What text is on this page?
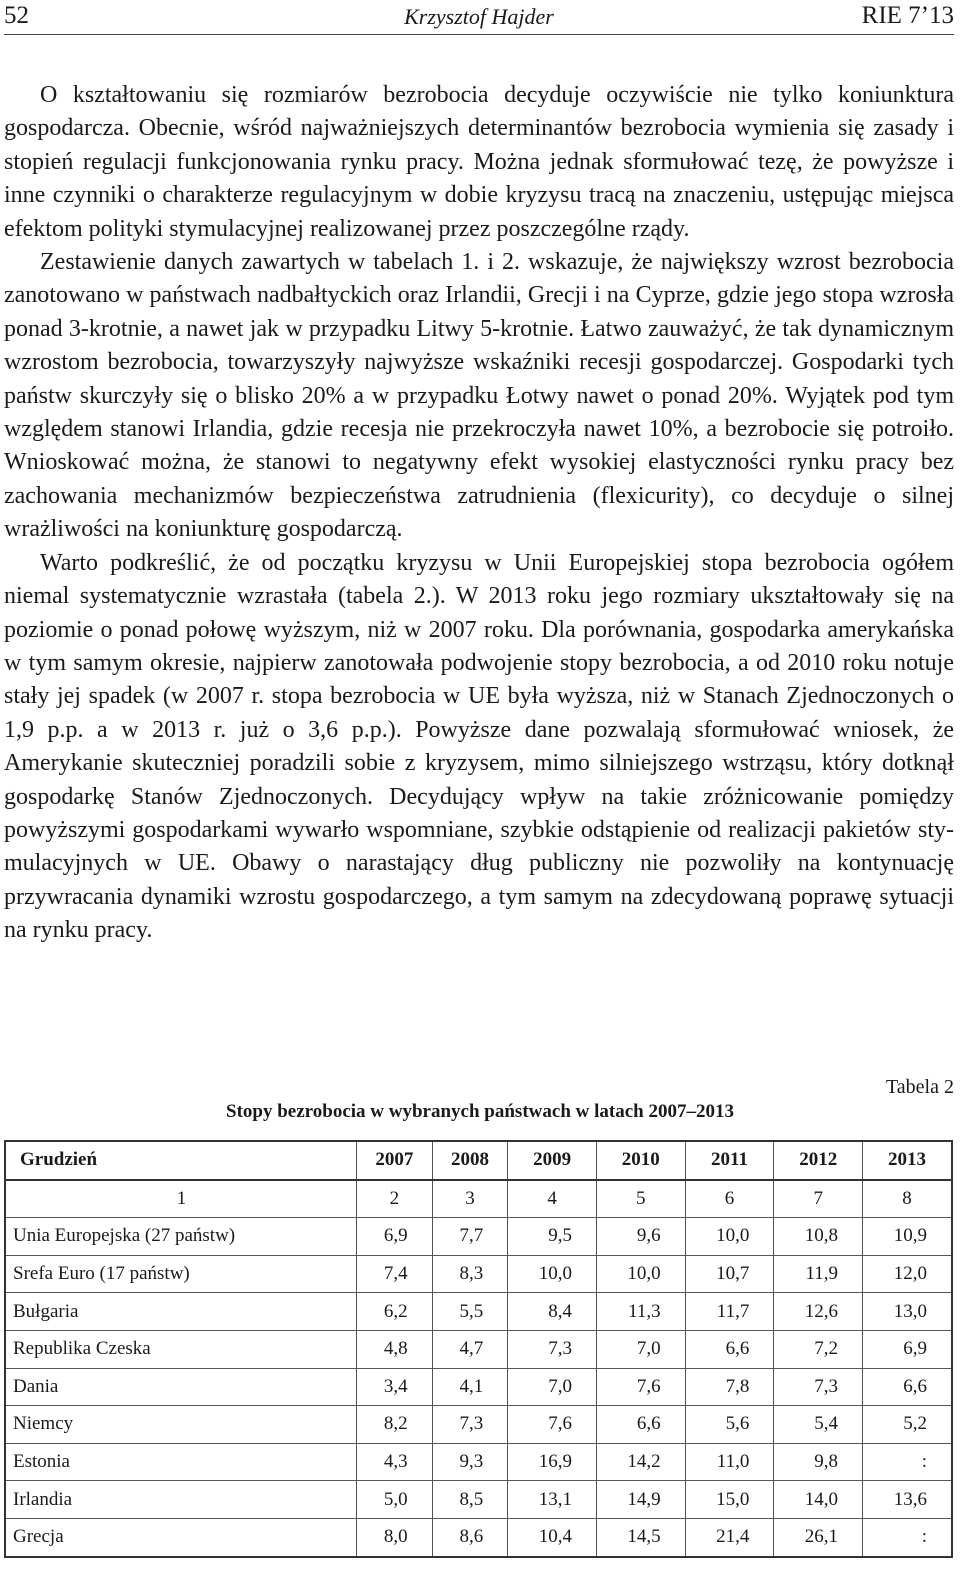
52	Krzysztof Hajder	RIE 7’13

O kształtowaniu się rozmiarów bezrobocia decyduje oczywiście nie tylko koniunktura gospodarcza. Obecnie, wśród najważniejszych determinantów bezrobocia wymienia się zasady i stopień regulacji funkcjonowania rynku pracy. Można jednak sformułować tezę, że powyższe i inne czynniki o charakterze regulacyjnym w dobie kryzysu tracą na znaczeniu, ustępując miejsca efektom polityki stymulacyjnej realizowanej przez poszczególne rządy.

Zestawienie danych zawartych w tabelach 1. i 2. wskazuje, że największy wzrost bezrobocia zanotowano w państwach nadbałtyckich oraz Irlandii, Grecji i na Cyprze, gdzie jego stopa wzrosła ponad 3-krotnie, a nawet jak w przypadku Litwy 5-krotnie. Łatwo zauważyć, że tak dynamicznym wzrostom bezrobocia, towarzyszyły najwyższe wskaźniki recesji gospodarczej. Gospodarki tych państw skurczyły się o blisko 20% a w przypadku Łotwy nawet o ponad 20%. Wyjątek pod tym względem stanowi Irlandia, gdzie recesja nie przekroczyła nawet 10%, a bezrobocie się potroiło. Wnioskować można, że stanowi to negatywny efekt wysokiej elastyczności rynku pracy bez zachowania mechanizmów bezpieczeństwa zatrudnienia (flexicurity), co decyduje o silnej wrażliwości na koniunkturę gospodarczą.

Warto podkreślić, że od początku kryzysu w Unii Europejskiej stopa bezrobocia ogółem niemal systematycznie wzrastała (tabela 2.). W 2013 roku jego rozmiary ukształtowały się na poziomie o ponad połowę wyższym, niż w 2007 roku. Dla porównania, gospodarka amerykańska w tym samym okresie, najpierw zanotowała podwojenie stopy bezrobocia, a od 2010 roku notuje stały jej spadek (w 2007 r. stopa bezrobocia w UE była wyższa, niż w Stanach Zjednoczonych o 1,9 p.p. a w 2013 r. już o 3,6 p.p.). Powyższe dane pozwalają sformułować wniosek, że Amerykanie skuteczniej poradzili sobie z kryzysem, mimo silniejszego wstrząsu, który dotknął gospodarkę Stanów Zjednoczonych. Decydujący wpływ na takie zróżnicowanie pomiędzy powyższymi gospodarkami wywarło wspomniane, szybkie odstąpienie od realizacji pakietów stymulacyjnych w UE. Obawy o narastający dług publiczny nie pozwoliły na kontynuację przywracania dynamiki wzrostu gospodarczego, a tym samym na zdecydowaną poprawę sytuacji na rynku pracy.

Tabela 2
Stopy bezrobocia w wybranych państwach w latach 2007–2013
Grudzień	2007	2008	2009	2010	2011	2012	2013
1	2	3	4	5	6	7	8
Unia Europejska (27 państw)	6,9	7,7	9,5	9,6	10,0	10,8	10,9
Srefa Euro (17 państw)	7,4	8,3	10,0	10,0	10,7	11,9	12,0
Bułgaria	6,2	5,5	8,4	11,3	11,7	12,6	13,0
Republika Czeska	4,8	4,7	7,3	7,0	6,6	7,2	6,9
Dania	3,4	4,1	7,0	7,6	7,8	7,3	6,6
Niemcy	8,2	7,3	7,6	6,6	5,6	5,4	5,2
Estonia	4,3	9,3	16,9	14,2	11,0	9,8	:
Irlandia	5,0	8,5	13,1	14,9	15,0	14,0	13,6
Grecja	8,0	8,6	10,4	14,5	21,4	26,1	:
